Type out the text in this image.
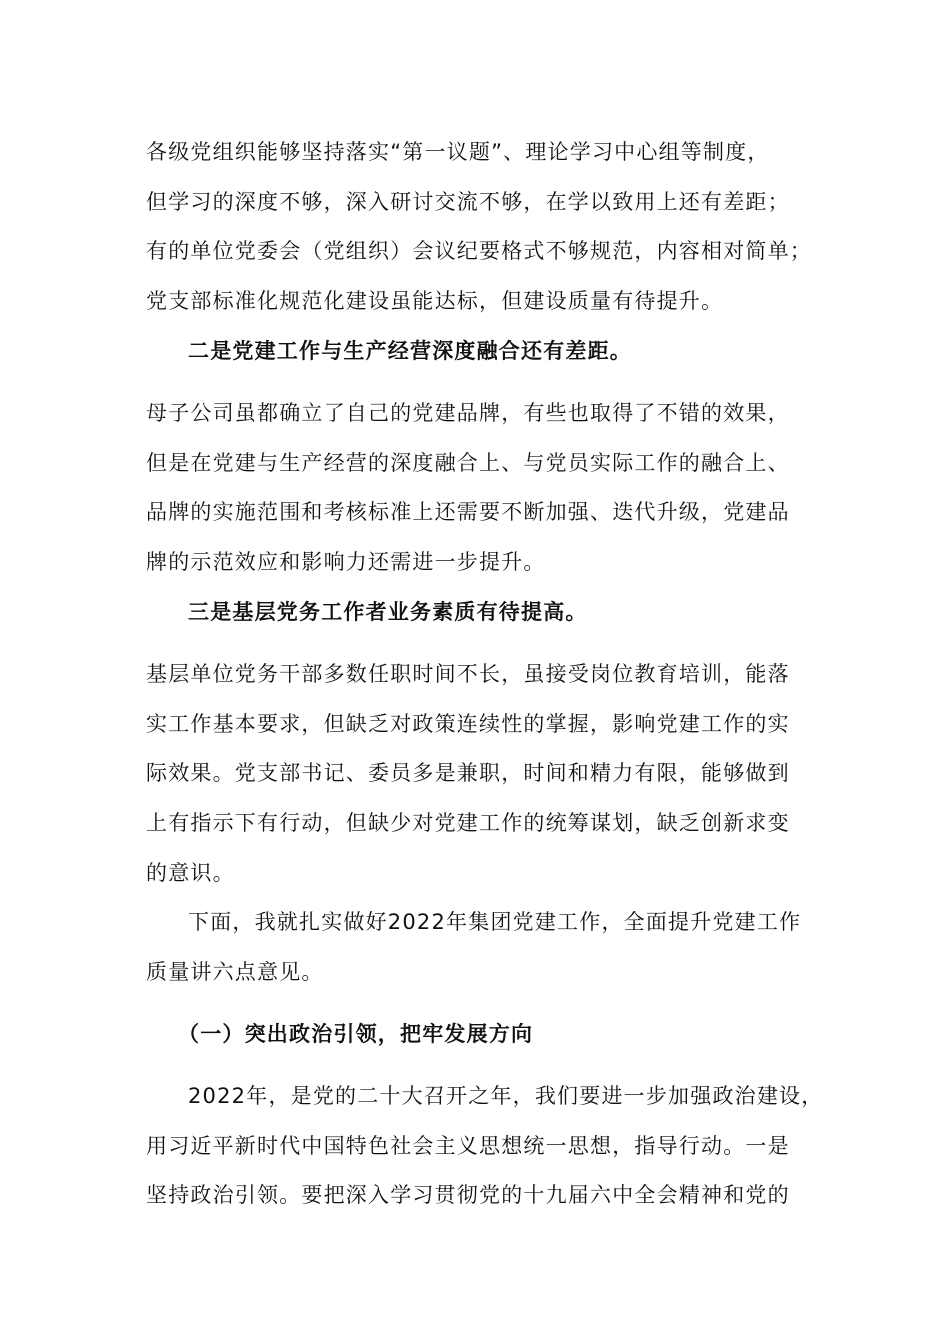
各级党组织能够坚持落实“第一议题”、理论学习中心组等制度，
但学习的深度不够，深入研讨交流不够，在学以致用上还有差距；
有的单位党委会（党组织）会议纪要格式不够规范，内容相对简单；
党支部标准化规范化建设虽能达标，但建设质量有待提升。
二是党建工作与生产经营深度融合还有差距。
母子公司虽都确立了自己的党建品牌，有些也取得了不错的效果，
但是在党建与生产经营的深度融合上、与党员实际工作的融合上、
品牌的实施范围和考核标准上还需要不断加强、迭代升级，党建品
牌的示范效应和影响力还需进一步提升。
三是基层党务工作者业务素质有待提高。
基层单位党务干部多数任职时间不长，虽接受岗位教育培训，能落
实工作基本要求，但缺乏对政策连续性的掌握，影响党建工作的实
际效果。党支部书记、委员多是兼职，时间和精力有限，能够做到
上有指示下有行动，但缺少对党建工作的统筹谋划，缺乏创新求变
的意识。
下面，我就扎实做好2022年集团党建工作，全面提升党建工作
质量讲六点意见。
（一）突出政治引领，把牢发展方向
2022年，是党的二十大召开之年，我们要进一步加强政治建设，
用习近平新时代中国特色社会主义思想统一思想，指导行动。一是
坚持政治引领。要把深入学习贯彻党的十九届六中全会精神和党的
